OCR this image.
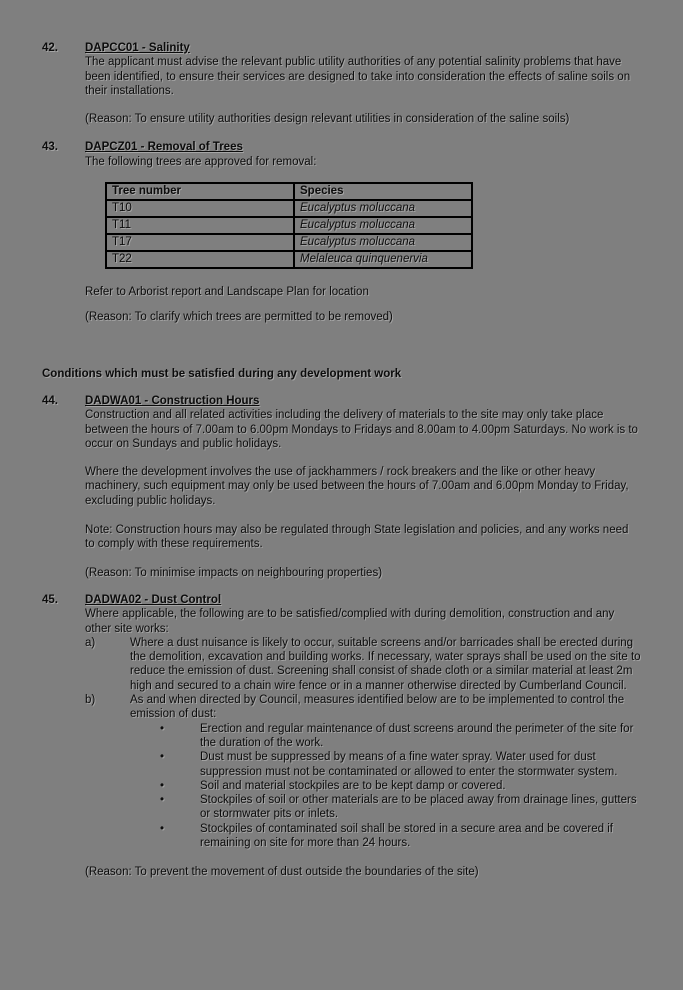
42.	DAPCC01 - Salinity

The applicant must advise the relevant public utility authorities of any potential salinity problems that have been identified, to ensure their services are designed to take into consideration the effects of saline soils on their installations.

(Reason: To ensure utility authorities design relevant utilities in consideration of the saline soils)

43.	DAPCZ01 - Removal of Trees

The following trees are approved for removal:

Tree number	Species
T10	Eucalyptus moluccana
T11	Eucalyptus moluccana
T17	Eucalyptus moluccana
T22	Melaleuca quinquenervia

Refer to Arborist report and Landscape Plan for location

(Reason: To clarify which trees are permitted to be removed)

Conditions which must be satisfied during any development work

44.	DADWA01 - Construction Hours

Construction and all related activities including the delivery of materials to the site may only take place between the hours of 7.00am to 6.00pm Mondays to Fridays and 8.00am to 4.00pm Saturdays. No work is to occur on Sundays and public holidays.

Where the development involves the use of jackhammers / rock breakers and the like or other heavy machinery, such equipment may only be used between the hours of 7.00am and 6.00pm Monday to Friday, excluding public holidays.

Note: Construction hours may also be regulated through State legislation and policies, and any works need to comply with these requirements.

(Reason: To minimise impacts on neighbouring properties)

45.	DADWA02 - Dust Control

Where applicable, the following are to be satisfied/complied with during demolition, construction and any other site works:

a)	Where a dust nuisance is likely to occur, suitable screens and/or barricades shall be erected during the demolition, excavation and building works. If necessary, water sprays shall be used on the site to reduce the emission of dust. Screening shall consist of shade cloth or a similar material at least 2m high and secured to a chain wire fence or in a manner otherwise directed by Cumberland Council.
b)	As and when directed by Council, measures identified below are to be implemented to control the emission of dust:
•	Erection and regular maintenance of dust screens around the perimeter of the site for the duration of the work.
•	Dust must be suppressed by means of a fine water spray. Water used for dust suppression must not be contaminated or allowed to enter the stormwater system.
•	Soil and material stockpiles are to be kept damp or covered.
•	Stockpiles of soil or other materials are to be placed away from drainage lines, gutters or stormwater pits or inlets.
•	Stockpiles of contaminated soil shall be stored in a secure area and be covered if remaining on site for more than 24 hours.

(Reason: To prevent the movement of dust outside the boundaries of the site)
